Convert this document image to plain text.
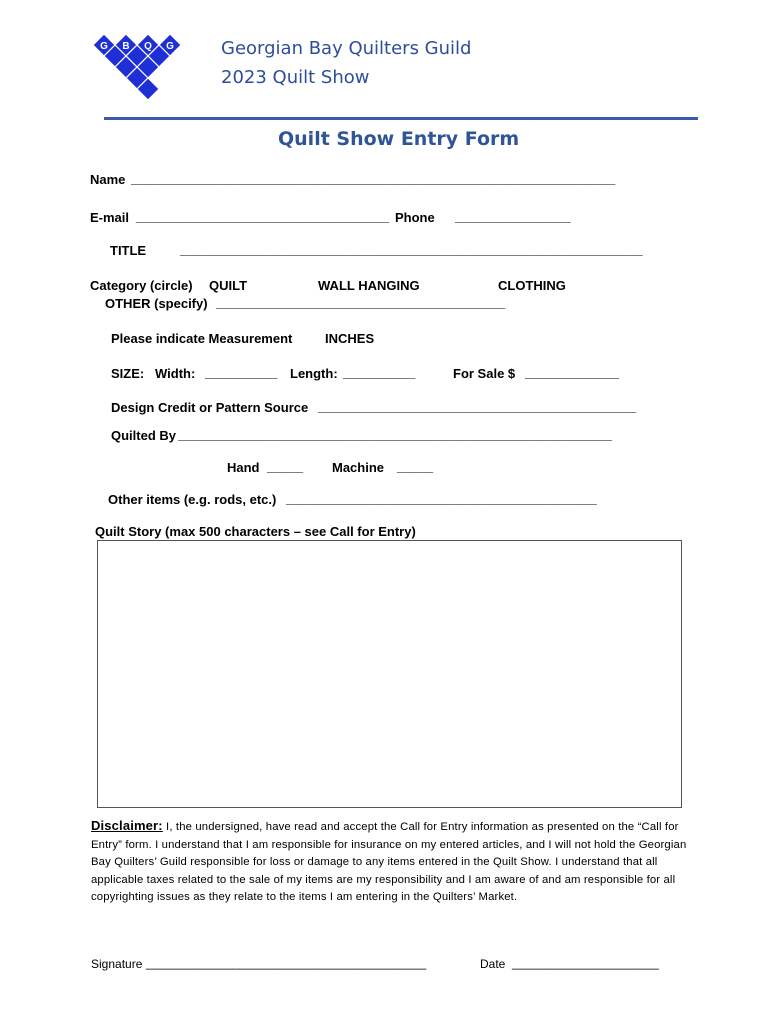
G B Q G	Georgian Bay Quilters Guild
2023 Quilt Show
Quilt Show Entry Form
Name ___________________________________________________________________
E-mail ___________________________________ Phone ________________
TITLE	________________________________________________________________
Category (circle) QUILT	WALL HANGING	CLOTHING
OTHER (specify) ________________________________________
Please indicate Measurement	INCHES
SIZE: Width: __________ Length: __________	For Sale $ _____________
Design Credit or Pattern Source ____________________________________________
Quilted By ____________________________________________________________
Hand _____ Machine _____
Other items (e.g. rods, etc.) ___________________________________________
Quilt Story (max 500 characters – see Call for Entry)
Disclaimer: I, the undersigned, have read and accept the Call for Entry information as presented on the “Call for Entry” form. I understand that I am responsible for insurance on my entered articles, and I will not hold the Georgian Bay Quilters’ Guild responsible for loss or damage to any items entered in the Quilt Show. I understand that all applicable taxes related to the sale of my items are my responsibility and I am aware of and am responsible for all copyrighting issues as they relate to the items I am entering in the Quilters’ Market.
Signature __________________________________________	Date ______________________
